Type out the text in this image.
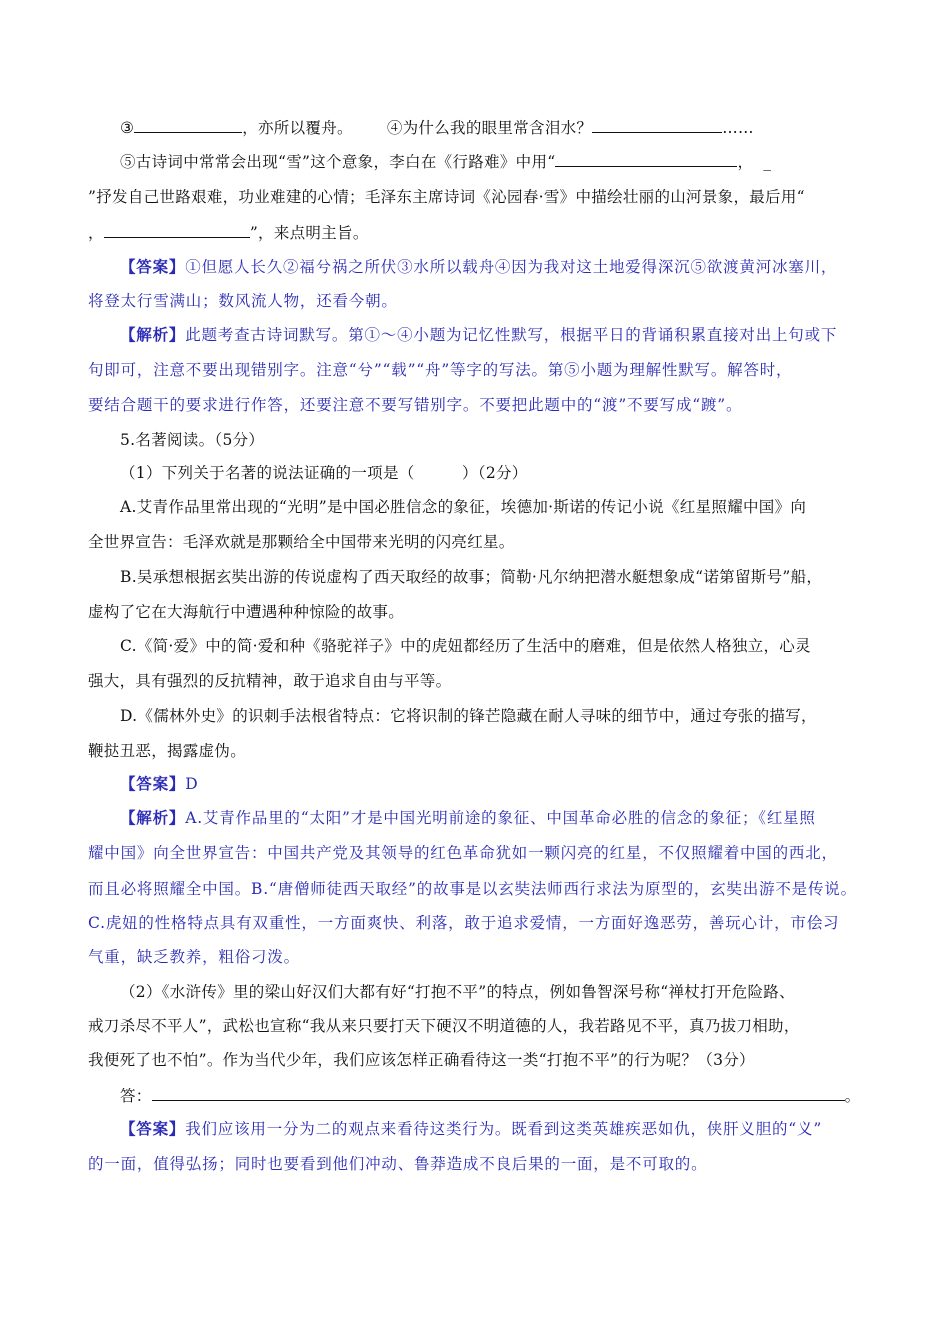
③	，亦所以覆舟。 ④为什么我的眼里常含泪水？	……
⑤古诗词中常常会出现“雪”这个意象，李白在《行路难》中用“	， _
”抒发自己世路艰难，功业难建的心情；毛泽东主席诗词《沁园春·雪》中描绘壮丽的山河景象，最后用“
，	”，来点明主旨。
【答案】①但愿人长久②福兮祸之所伏③水所以载舟④因为我对这土地爱得深沉⑤欲渡黄河冰塞川，
将登太行雪满山；数风流人物，还看今朝。
【解析】此题考查古诗词默写。第①～④小题为记忆性默写，根据平日的背诵积累直接对出上句或下
句即可，注意不要出现错别字。注意“兮”“载”“舟”等字的写法。第⑤小题为理解性默写。解答时，
要结合题干的要求进行作答，还要注意不要写错别字。不要把此题中的“渡”不要写成“踱”。
5.名著阅读。（5分）
（1）下列关于名著的说法证确的一项是（　　　）（2分）
A.艾青作品里常出现的“光明”是中国必胜信念的象征，埃德加·斯诺的传记小说《红星照耀中国》向
全世界宣告：毛泽欢就是那颗给全中国带来光明的闪亮红星。
B.吴承想根据玄奘出游的传说虚构了西天取经的故事；简勒·凡尔纳把潜水艇想象成“诺第留斯号”船，
虚构了它在大海航行中遭遇种种惊险的故事。
C.《简·爱》中的简·爱和种《骆驼祥子》中的虎妞都经历了生活中的磨难，但是依然人格独立，心灵
强大，具有强烈的反抗精神，敢于追求自由与平等。
D.《儒林外史》的识刺手法根省特点：它将识制的锋芒隐藏在耐人寻味的细节中，通过夸张的描写，
鞭挞丑恶，揭露虚伪。
【答案】D
【解析】A.艾青作品里的“太阳”才是中国光明前途的象征、中国革命必胜的信念的象征；《红星照
耀中国》向全世界宣告：中国共产党及其领导的红色革命犹如一颗闪亮的红星，不仅照耀着中国的西北，
而且必将照耀全中国。B.“唐僧师徒西天取经”的故事是以玄奘法师西行求法为原型的，玄奘出游不是传说。
C.虎妞的性格特点具有双重性，一方面爽快、利落，敢于追求爱情，一方面好逸恶劳，善玩心计，市侩习
气重，缺乏教养，粗俗刁泼。
（2）《水浒传》里的梁山好汉们大都有好“打抱不平”的特点，例如鲁智深号称“禅杖打开危险路、
戒刀杀尽不平人”，武松也宣称“我从来只要打天下硬汉不明道德的人，我若路见不平，真乃拔刀相助，
我便死了也不怕”。作为当代少年，我们应该怎样正确看待这一类“打抱不平”的行为呢？（3分）
答：	。
【答案】我们应该用一分为二的观点来看待这类行为。既看到这类英雄疾恶如仇，侠肝义胆的“义”
的一面，值得弘扬；同时也要看到他们冲动、鲁莽造成不良后果的一面，是不可取的。
